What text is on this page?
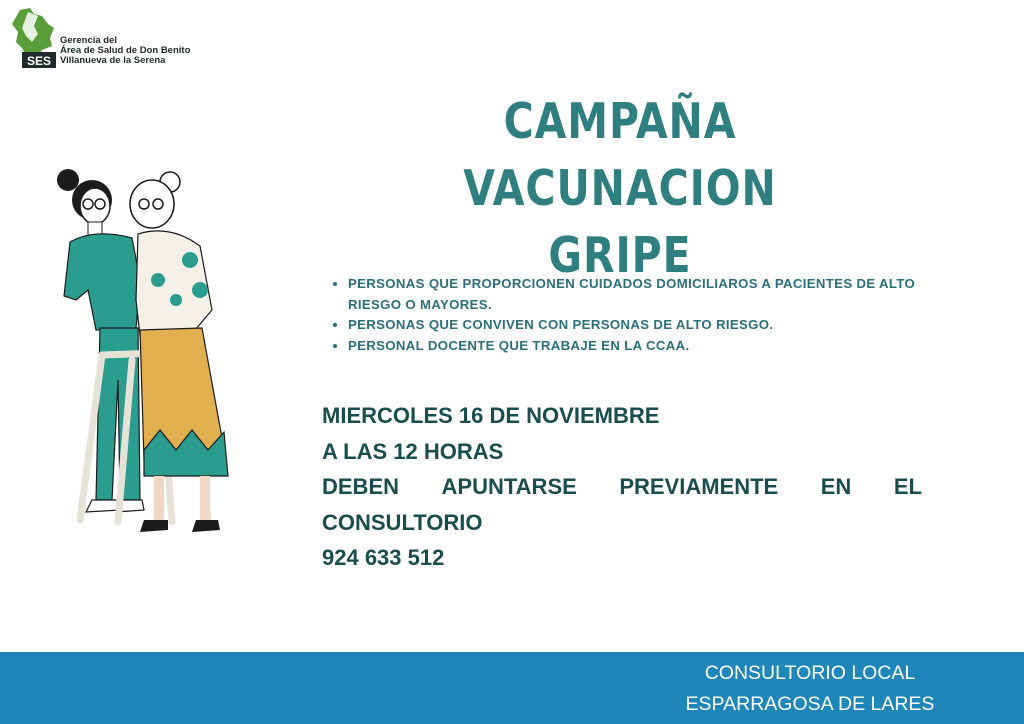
SES
Gerencia del
Área de Salud de Don Benito
Villanueva de la Serena
CAMPAÑA VACUNACION
GRIPE
• PERSONAS QUE PROPORCIONEN CUIDADOS DOMICILIAROS A PACIENTES DE ALTO RIESGO O MAYORES.
• PERSONAS QUE CONVIVEN CON PERSONAS DE ALTO RIESGO.
• PERSONAL DOCENTE QUE TRABAJE EN LA CCAA.
MIERCOLES 16 DE NOVIEMBRE
A LAS 12 HORAS
DEBEN APUNTARSE PREVIAMENTE EN EL
CONSULTORIO
924 633 512
CONSULTORIO LOCAL
ESPARRAGOSA DE LARES
